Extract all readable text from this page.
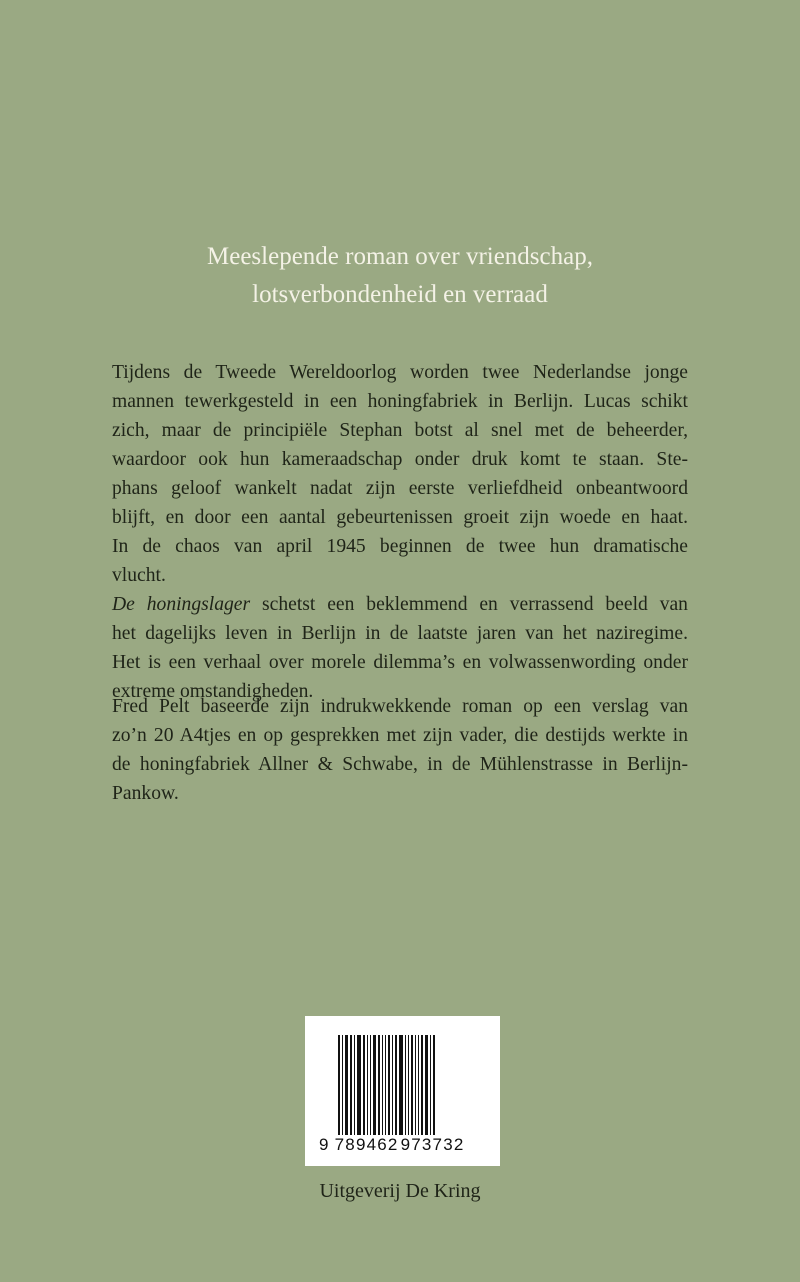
Meeslepende roman over vriendschap,
lotsverbondenheid en verraad
Tijdens de Tweede Wereldoorlog worden twee Nederlandse jonge
mannen tewerkgesteld in een honingfabriek in Berlijn. Lucas schikt
zich, maar de principiële Stephan botst al snel met de beheerder,
waardoor ook hun kameraadschap onder druk komt te staan. Ste-
phans geloof wankelt nadat zijn eerste verliefdheid onbeantwoord
blijft, en door een aantal gebeurtenissen groeit zijn woede en haat.
In de chaos van april 1945 beginnen de twee hun dramatische
vlucht.
De honingslager schetst een beklemmend en verrassend beeld van
het dagelijks leven in Berlijn in de laatste jaren van het naziregime.
Het is een verhaal over morele dilemma’s en volwassenwording onder
extreme omstandigheden.
Fred Pelt baseerde zijn indrukwekkende roman op een verslag van
zo’n 20 A4tjes en op gesprekken met zijn vader, die destijds werkte in
de honingfabriek Allner & Schwabe, in de Mühlenstrasse in Berlijn-
Pankow.
9 789462 973732
Uitgeverij De Kring
